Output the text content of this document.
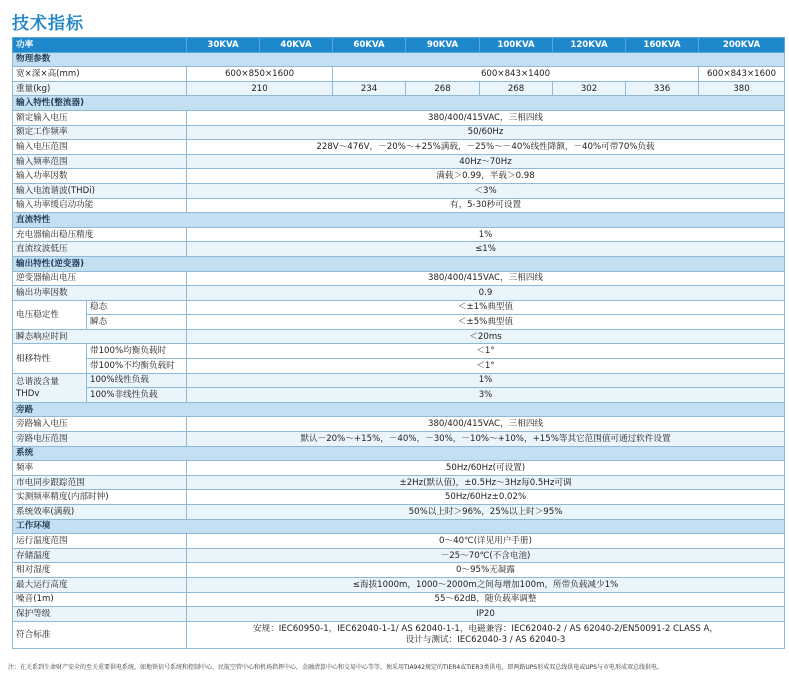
技术指标
功率		30KVA	40KVA	60KVA	90KVA	100KVA	120KVA	160KVA	200KVA
物理参数									
宽×深×高(mm)		600×850×1600		600×843×1400					600×843×1600
重量(kg)		210		234	268	268	302	336	380
输入特性(整流器)									
额定输入电压		380/400/415VAC，三相四线							
额定工作频率		50/60Hz							
输入电压范围		228V～476V，－20%～+25%满载，－25%～－40%线性降额，－40%可带70%负载							
输入频率范围		40Hz～70Hz							
输入功率因数		满载＞0.99，半载＞0.98							
输入电流谐波(THDi)		＜3%							
输入功率缓启动功能		有，5-30秒可设置							
直流特性									
充电器输出稳压精度		1%							
直流纹波低压		≤1%							
输出特性(逆变器)									
逆变器输出电压		380/400/415VAC，三相四线							
输出功率因数		0.9							
电压稳定性	稳态	＜±1%典型值							
	瞬态	＜±5%典型值							
瞬态响应时间		＜20ms							
相移特性	带100%均衡负载时	＜1°							
	带100%不均衡负载时	＜1°							

总谐波含量
THDv	100%线性负载	1%							
	100%非线性负载	3%							
旁路									
旁路输入电压		380/400/415VAC，三相四线							
旁路电压范围		默认－20%～+15%，－40%，－30%，－10%～+10%，+15%等其它范围值可通过软件设置							
系统									
频率		50Hz/60Hz(可设置)							
市电同步跟踪范围		±2Hz(默认值)，±0.5Hz～3Hz每0.5Hz可调							
实测频率精度(内部时钟)		50Hz/60Hz±0.02%							
系统效率(满载)		50%以上时＞96%，25%以上时＞95%							
工作环境									
运行温度范围		0～40℃(详见用户手册)							
存储温度		－25～70℃(不含电池)							
相对湿度		0～95%无凝露							
最大运行高度		≤海拔1000m，1000～2000m之间每增加100m，所带负载减少1%							
噪音(1m)		55～62dB，随负载率调整							
保护等级		IP20							
符合标准		安规：IEC60950-1，IEC62040-1-1/ AS 62040-1-1，电磁兼容：IEC62040-2 / AS 62040-2/EN50091-2 CLASS A，
设计与测试：IEC62040-3 / AS 62040-3							
注：在关系到生命财产安全的至关重要供电系统，如地铁信号系统和控制中心，民航空管中心和机场指挥中心，金融清算中心和交易中心等等，须采用TIA942规定的TIER4或TIER3类供电，即两路UPS形成双总线供电或UPS与市电形成双总线供电。
